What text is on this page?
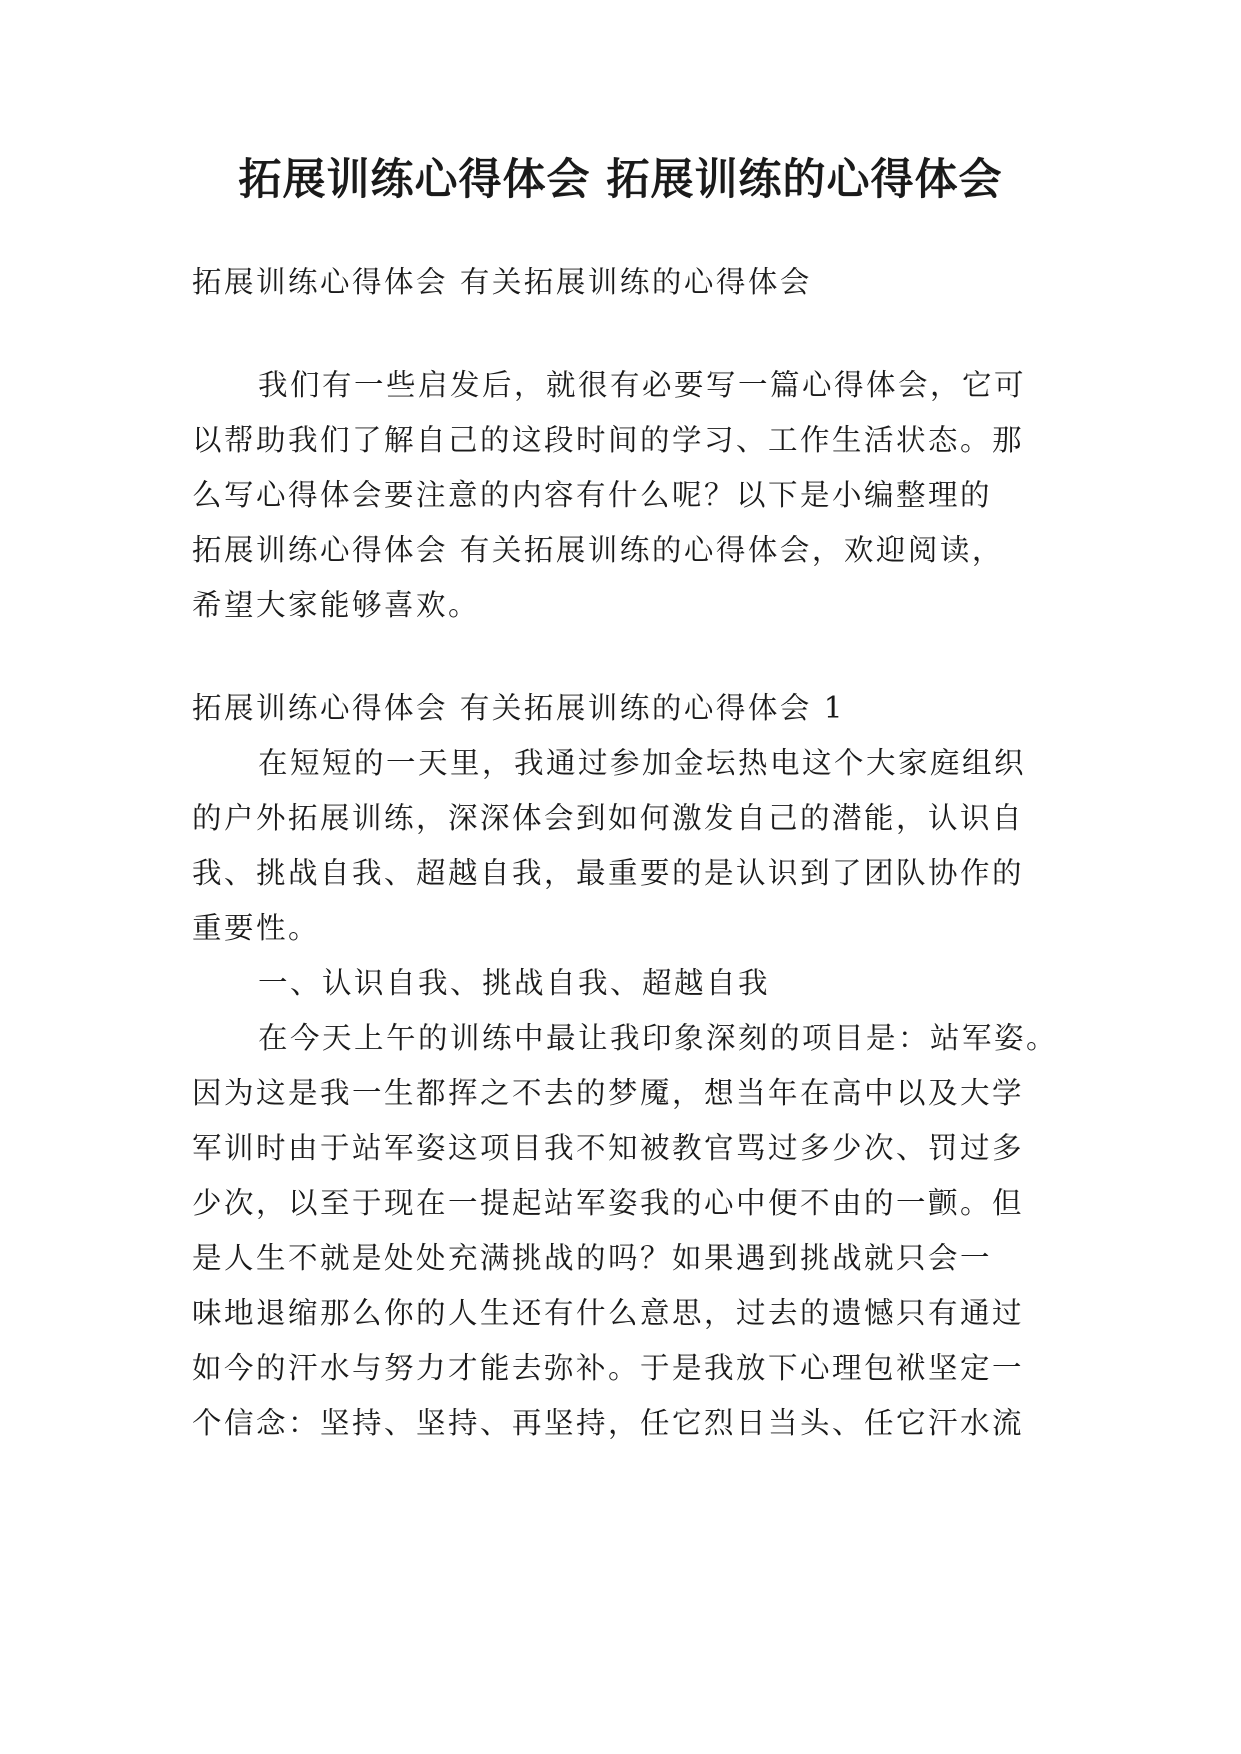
拓展训练心得体会 拓展训练的心得体会

拓展训练心得体会 有关拓展训练的心得体会

我们有一些启发后，就很有必要写一篇心得体会，它可

以帮助我们了解自己的这段时间的学习、工作生活状态。那

么写心得体会要注意的内容有什么呢？以下是小编整理的

拓展训练心得体会 有关拓展训练的心得体会，欢迎阅读，

希望大家能够喜欢。

拓展训练心得体会 有关拓展训练的心得体会 1

在短短的一天里，我通过参加金坛热电这个大家庭组织

的户外拓展训练，深深体会到如何激发自己的潜能，认识自

我、挑战自我、超越自我，最重要的是认识到了团队协作的

重要性。

一、认识自我、挑战自我、超越自我

在今天上午的训练中最让我印象深刻的项目是：站军姿。

因为这是我一生都挥之不去的梦魇，想当年在高中以及大学

军训时由于站军姿这项目我不知被教官骂过多少次、罚过多

少次，以至于现在一提起站军姿我的心中便不由的一颤。但

是人生不就是处处充满挑战的吗？如果遇到挑战就只会一

味地退缩那么你的人生还有什么意思，过去的遗憾只有通过

如今的汗水与努力才能去弥补。于是我放下心理包袱坚定一

个信念：坚持、坚持、再坚持，任它烈日当头、任它汗水流
